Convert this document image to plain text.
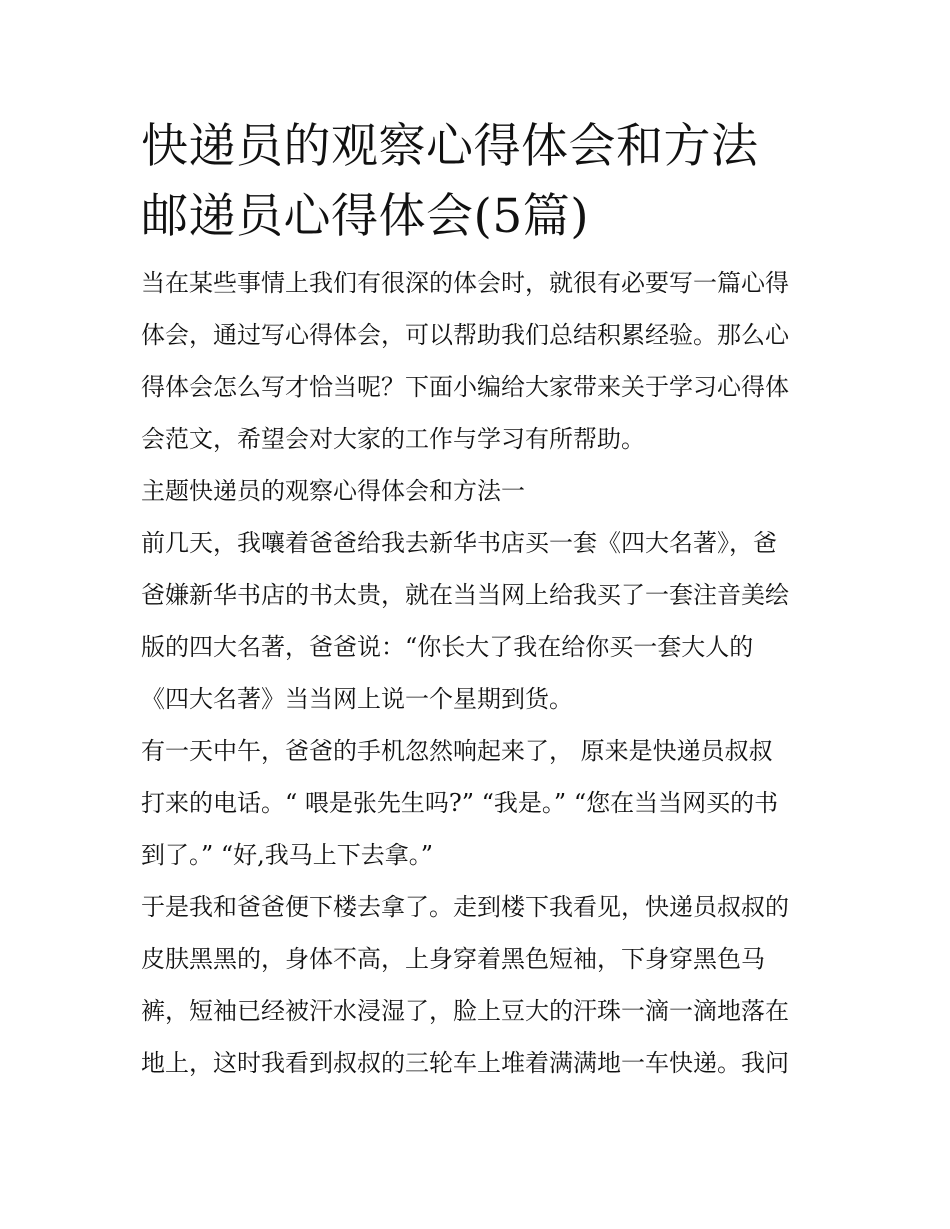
快递员的观察心得体会和方法
邮递员心得体会(5篇)

当在某些事情上我们有很深的体会时，就很有必要写一篇心得
体会，通过写心得体会，可以帮助我们总结积累经验。那么心
得体会怎么写才恰当呢？下面小编给大家带来关于学习心得体
会范文，希望会对大家的工作与学习有所帮助。

主题快递员的观察心得体会和方法一

前几天，我嚷着爸爸给我去新华书店买一套《四大名著》，爸
爸嫌新华书店的书太贵，就在当当网上给我买了一套注音美绘
版的四大名著，爸爸说：“你长大了我在给你买一套大人的
《四大名著》当当网上说一个星期到货。

有一天中午，爸爸的手机忽然响起来了， 原来是快递员叔叔
打来的电话。“ 喂是张先生吗?” “我是。” “您在当当网买的书
到了。” “好,我马上下去拿。”

于是我和爸爸便下楼去拿了。走到楼下我看见，快递员叔叔的
皮肤黑黑的，身体不高，上身穿着黑色短袖，下身穿黑色马
裤，短袖已经被汗水浸湿了，脸上豆大的汗珠一滴一滴地落在
地上，这时我看到叔叔的三轮车上堆着满满地一车快递。我问
